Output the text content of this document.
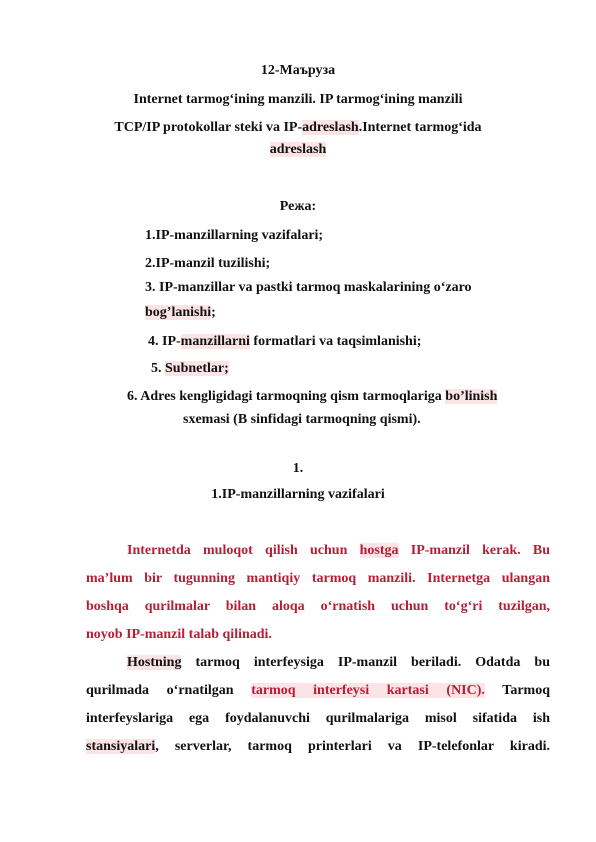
12-Маъруза
Internet tarmog‘ining manzili. IP tarmog‘ining manzili
TCP/IP protokollar steki va IP-adreslash.Internet tarmog‘ida
adreslash
Режа:
1.IP-manzillarning vazifalari;
2.IP-manzil tuzilishi;
3. IP-manzillar va pastki tarmoq maskalarining o‘zaro
bog’lanishi;
4. IP-manzillarni formatlari va taqsimlanishi;
5. Subnetlar;
6. Adres kengligidagi tarmoqning qism tarmoqlariga bo’linish
sxemasi (B sinfidagi tarmoqning qismi).
1.
1.IP-manzillarning vazifalari
Internetda muloqot qilish uchun hostga IP-manzil kerak. Bu
ma’lum bir tugunning mantiqiy tarmoq manzili. Internetga ulangan
boshqa qurilmalar bilan aloqa o‘rnatish uchun to‘g‘ri tuzilgan,
noyob IP-manzil talab qilinadi.
Hostning tarmoq interfeysiga IP-manzil beriladi. Odatda bu
qurilmada o‘rnatilgan tarmoq interfeysi kartasi (NIC). Tarmoq
interfeyslariga ega foydalanuvchi qurilmalariga misol sifatida ish
stansiyalari, serverlar, tarmoq printerlari va IP-telefonlar kiradi.
